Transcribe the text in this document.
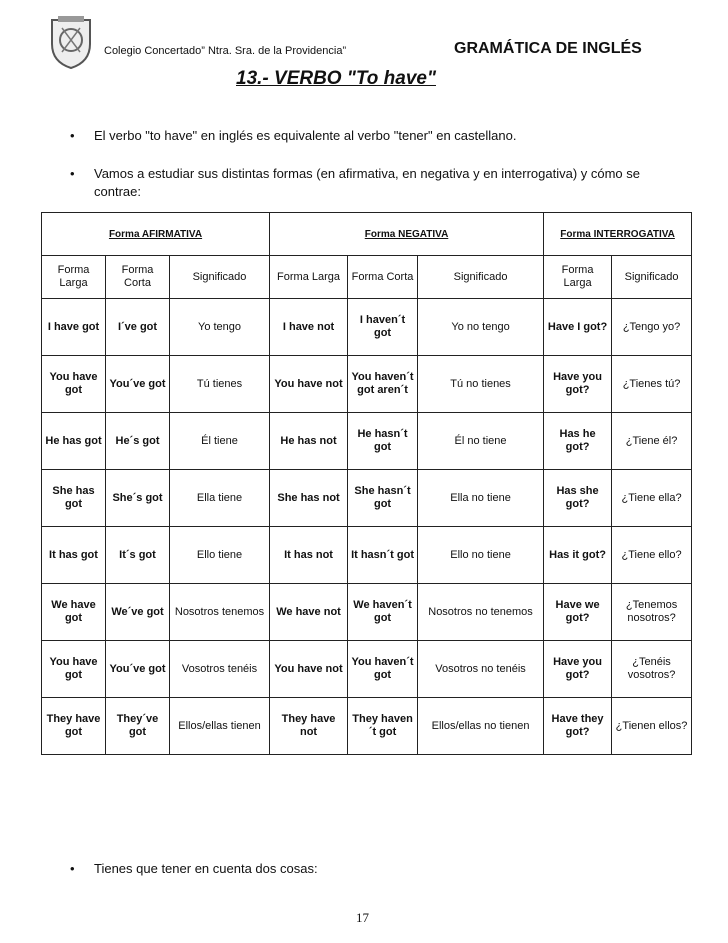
Colegio Concertado” Ntra. Sra. de la Providencia”	GRAMÁTICA DE INGLÉS
13.- VERBO "To have"
• El verbo "to have" en inglés es equivalente al verbo "tener" en castellano.
• Vamos a estudiar sus distintas formas (en afirmativa, en negativa y en interrogativa) y cómo se contrae:
Forma AFIRMATIVA			Forma NEGATIVA			Forma INTERROGATIVA	
Forma Larga	Forma Corta	Significado	Forma Larga	Forma Corta	Significado	Forma Larga	Significado
I have got	I´ve got	Yo tengo	I have not	I haven´t got	Yo no tengo	Have I got?	¿Tengo yo?
You have got	You´ve got	Tú tienes	You have not	You haven´t got aren´t	Tú no tienes	Have you got?	¿Tienes tú?
He has got	He´s got	Él tiene	He has not	He hasn´t got	Él no tiene	Has he got?	¿Tiene él?
She has got	She´s got	Ella tiene	She has not	She hasn´t got	Ella no tiene	Has she got?	¿Tiene ella?
It has got	It´s got	Ello tiene	It has not	It hasn´t got	Ello no tiene	Has it got?	¿Tiene ello?
We have got	We´ve got	Nosotros tenemos	We have not	We haven´t got	Nosotros no tenemos	Have we got?	¿Tenemos nosotros?
You have got	You´ve got	Vosotros tenéis	You have not	You haven´t got	Vosotros no tenéis	Have you got?	¿Tenéis vosotros?
They have got	They´ve got	Ellos/ellas tienen	They have not	They haven´t got	Ellos/ellas no tienen	Have they got?	¿Tienen ellos?
• Tienes que tener en cuenta dos cosas:
17
